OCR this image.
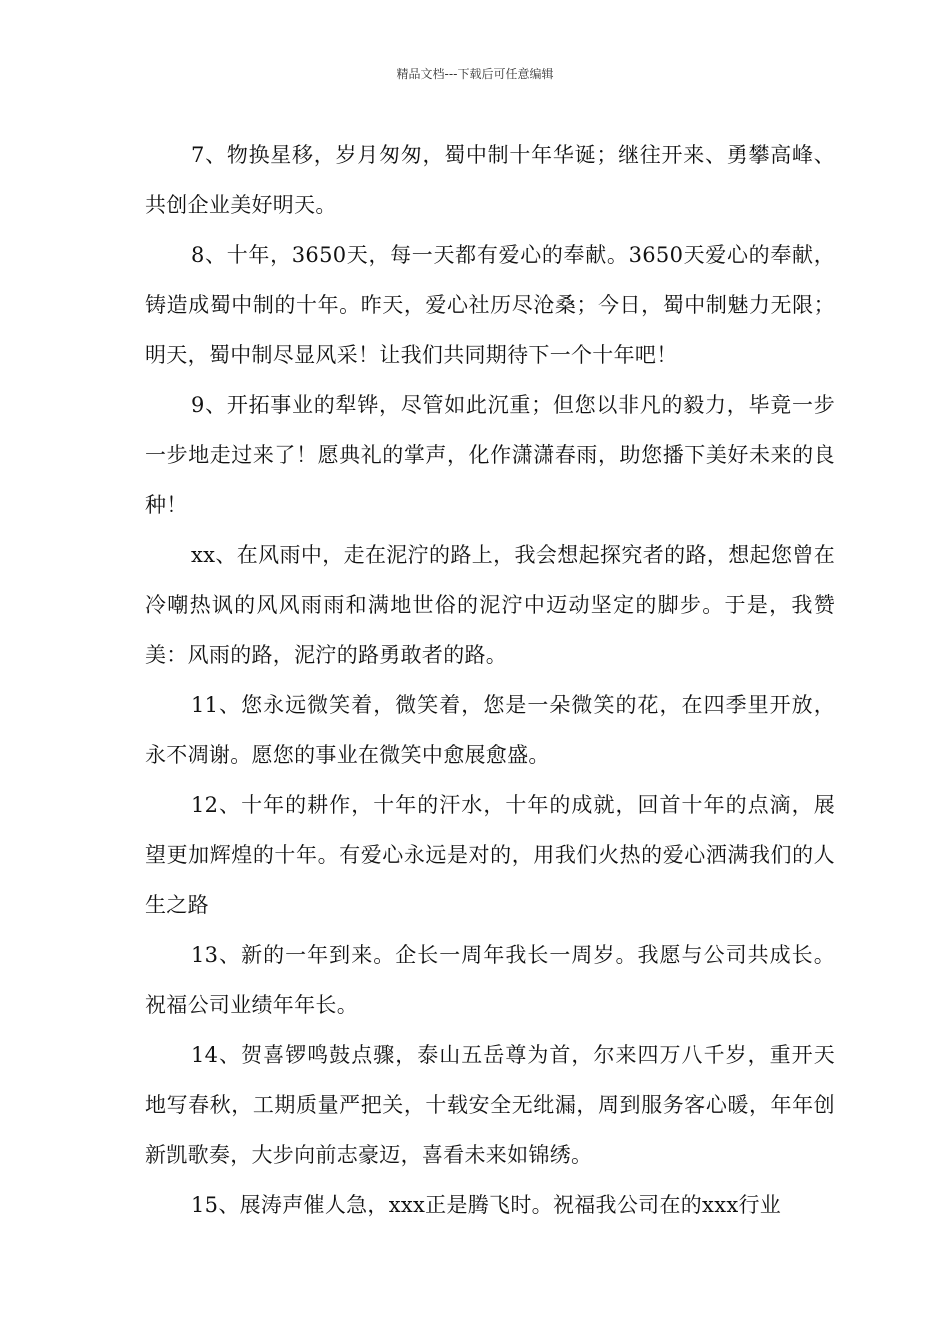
精品文档---下载后可任意编辑

7、物换星移，岁月匆匆，蜀中制十年华诞；继往开来、勇攀高峰、共创企业美好明天。

8、十年，3650天，每一天都有爱心的奉献。3650天爱心的奉献，铸造成蜀中制的十年。昨天，爱心社历尽沧桑；今日，蜀中制魅力无限；明天，蜀中制尽显风采！让我们共同期待下一个十年吧！

9、开拓事业的犁铧，尽管如此沉重；但您以非凡的毅力，毕竟一步一步地走过来了！愿典礼的掌声，化作潇潇春雨，助您播下美好未来的良种！

xx、在风雨中，走在泥泞的路上，我会想起探究者的路，想起您曾在冷嘲热讽的风风雨雨和满地世俗的泥泞中迈动坚定的脚步。于是，我赞美：风雨的路，泥泞的路勇敢者的路。

11、您永远微笑着，微笑着，您是一朵微笑的花，在四季里开放，永不凋谢。愿您的事业在微笑中愈展愈盛。

12、十年的耕作，十年的汗水，十年的成就，回首十年的点滴，展望更加辉煌的十年。有爱心永远是对的，用我们火热的爱心洒满我们的人生之路

13、新的一年到来。企长一周年我长一周岁。我愿与公司共成长。祝福公司业绩年年长。

14、贺喜锣鸣鼓点骤，泰山五岳尊为首，尔来四万八千岁，重开天地写春秋，工期质量严把关，十载安全无纰漏，周到服务客心暖，年年创新凯歌奏，大步向前志豪迈，喜看未来如锦绣。

15、展涛声催人急，xxx正是腾飞时。祝福我公司在的xxx行业
